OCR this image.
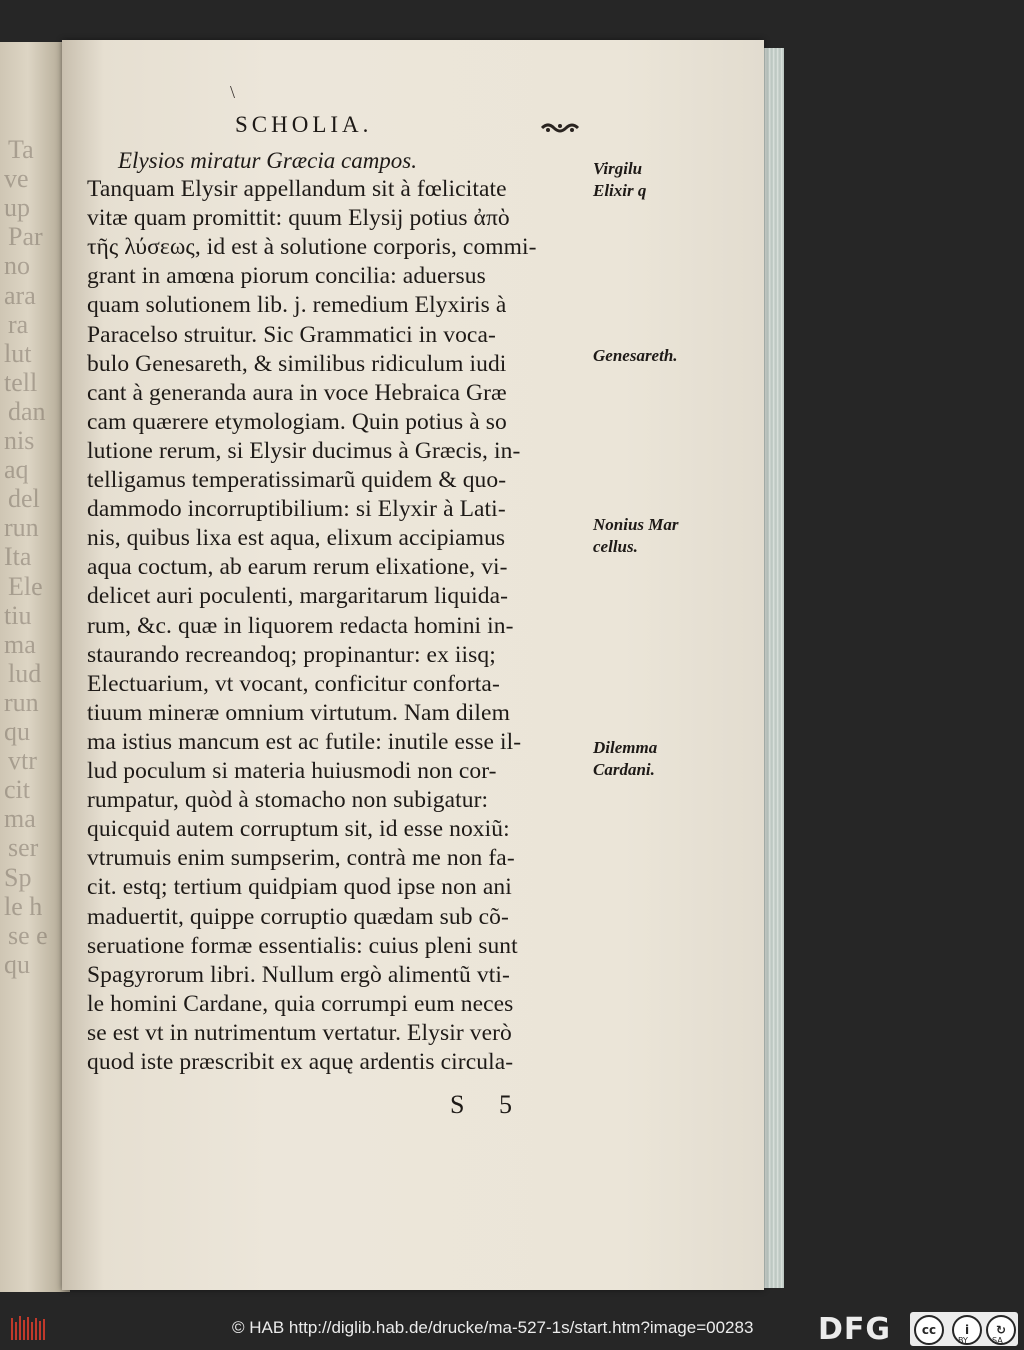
Ta
ve
up
Par
no
ara
ra
lut
tell
dan
nis
aq
del
run
Ita
Ele
tiu
ma
lud
run
qu
vtr
cit
ma
ser
Sp
le h
se e
qu
\
SCHOLIA.
Elysios miratur Græcia campos.
Tanquam Elysir appellandum sit à fœlicitate
vitæ quam promittit: quum Elysij potius ἀπὸ
τῆς λύσεως, id est à solutione corporis, commi-
grant in amœna piorum concilia: aduersus
quam solutionem lib. j. remedium Elyxiris à
Paracelso struitur. Sic Grammatici in voca-
bulo Genesareth, & similibus ridiculum iudi
cant à generanda aura in voce Hebraica Græ
cam quærere etymologiam. Quin potius à so
lutione rerum, si Elysir ducimus à Græcis, in-
telligamus temperatissimarũ quidem & quo-
dammodo incorruptibilium: si Elyxir à Lati-
nis, quibus lixa est aqua, elixum accipiamus
aqua coctum, ab earum rerum elixatione, vi-
delicet auri poculenti, margaritarum liquida-
rum, &c. quæ in liquorem redacta homini in-
staurando recreandoq; propinantur: ex iisq;
Electuarium, vt vocant, conficitur conforta-
tiuum mineræ omnium virtutum. Nam dilem
ma istius mancum est ac futile: inutile esse il-
lud poculum si materia huiusmodi non cor-
rumpatur, quòd à stomacho non subigatur:
quicquid autem corruptum sit, id esse noxiũ:
vtrumuis enim sumpserim, contrà me non fa-
cit. estq; tertium quidpiam quod ipse non ani
maduertit, quippe corruptio quædam sub cõ-
seruatione formæ essentialis: cuius pleni sunt
Spagyrorum libri. Nullum ergò alimentũ vti-
le homini Cardane, quia corrumpi eum neces
se est vt in nutrimentum vertatur. Elysir verò
quod iste præscribit ex aquę ardentis circula-
Virgilu
Elixir q
Genesareth.
Nonius Mar
cellus.
Dilemma
Cardani.
S 5
© HAB http://diglib.hab.de/drucke/ma-527-1s/start.htm?image=00283 DFG	cc	i	↻
BY	SA
